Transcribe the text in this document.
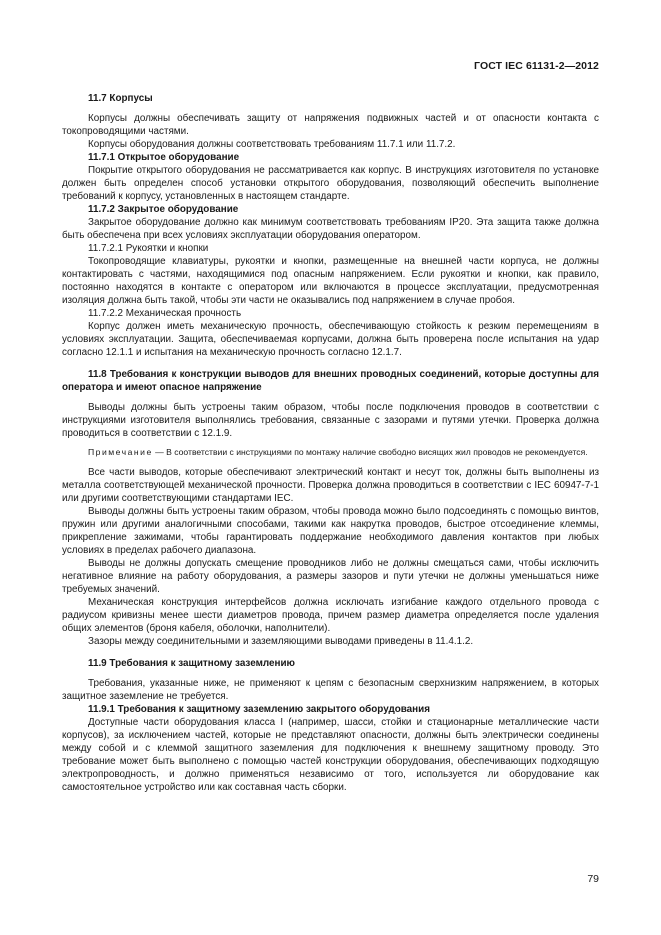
ГОСТ IEC 61131-2—2012

11.7 Корпусы

Корпусы должны обеспечивать защиту от напряжения подвижных частей и от опасности контакта с токопроводящими частями.

Корпусы оборудования должны соответствовать требованиям 11.7.1 или 11.7.2.

11.7.1 Открытое оборудование

Покрытие открытого оборудования не рассматривается как корпус. В инструкциях изготовителя по установке должен быть определен способ установки открытого оборудования, позволяющий обеспечить выполнение требований к корпусу, установленных в настоящем стандарте.

11.7.2 Закрытое оборудование

Закрытое оборудование должно как минимум соответствовать требованиям IP20. Эта защита также должна быть обеспечена при всех условиях эксплуатации оборудования оператором.

11.7.2.1 Рукоятки и кнопки

Токопроводящие клавиатуры, рукоятки и кнопки, размещенные на внешней части корпуса, не должны контактировать с частями, находящимися под опасным напряжением. Если рукоятки и кнопки, как правило, постоянно находятся в контакте с оператором или включаются в процессе эксплуатации, предусмотренная изоляция должна быть такой, чтобы эти части не оказывались под напряжением в случае пробоя.

11.7.2.2 Механическая прочность

Корпус должен иметь механическую прочность, обеспечивающую стойкость к резким перемещениям в условиях эксплуатации. Защита, обеспечиваемая корпусами, должна быть проверена после испытания на удар согласно 12.1.1 и испытания на механическую прочность согласно 12.1.7.

11.8 Требования к конструкции выводов для внешних проводных соединений, которые доступны для оператора и имеют опасное напряжение

Выводы должны быть устроены таким образом, чтобы после подключения проводов в соответствии с инструкциями изготовителя выполнялись требования, связанные с зазорами и путями утечки. Проверка должна проводиться в соответствии с 12.1.9.

Примечание — В соответствии с инструкциями по монтажу наличие свободно висящих жил проводов не рекомендуется.

Все части выводов, которые обеспечивают электрический контакт и несут ток, должны быть выполнены из металла соответствующей механической прочности. Проверка должна проводиться в соответствии с IEC 60947-7-1 или другими соответствующими стандартами IEC.

Выводы должны быть устроены таким образом, чтобы провода можно было подсоединять с помощью винтов, пружин или другими аналогичными способами, такими как накрутка проводов, быстрое отсоединение клеммы, прикрепление зажимами, чтобы гарантировать поддержание необходимого давления контактов при любых условиях в пределах рабочего диапазона.

Выводы не должны допускать смещение проводников либо не должны смещаться сами, чтобы исключить негативное влияние на работу оборудования, а размеры зазоров и пути утечки не должны уменьшаться ниже требуемых значений.

Механическая конструкция интерфейсов должна исключать изгибание каждого отдельного провода с радиусом кривизны менее шести диаметров провода, причем размер диаметра определяется после удаления общих элементов (броня кабеля, оболочки, наполнители).

Зазоры между соединительными и заземляющими выводами приведены в 11.4.1.2.

11.9 Требования к защитному заземлению

Требования, указанные ниже, не применяют к цепям с безопасным сверхнизким напряжением, в которых защитное заземление не требуется.

11.9.1 Требования к защитному заземлению закрытого оборудования

Доступные части оборудования класса I (например, шасси, стойки и стационарные металлические части корпусов), за исключением частей, которые не представляют опасности, должны быть электрически соединены между собой и с клеммой защитного заземления для подключения к внешнему защитному проводу. Это требование может быть выполнено с помощью частей конструкции оборудования, обеспечивающих подходящую электропроводность, и должно применяться независимо от того, используется ли оборудование как самостоятельное устройство или как составная часть сборки.

79
